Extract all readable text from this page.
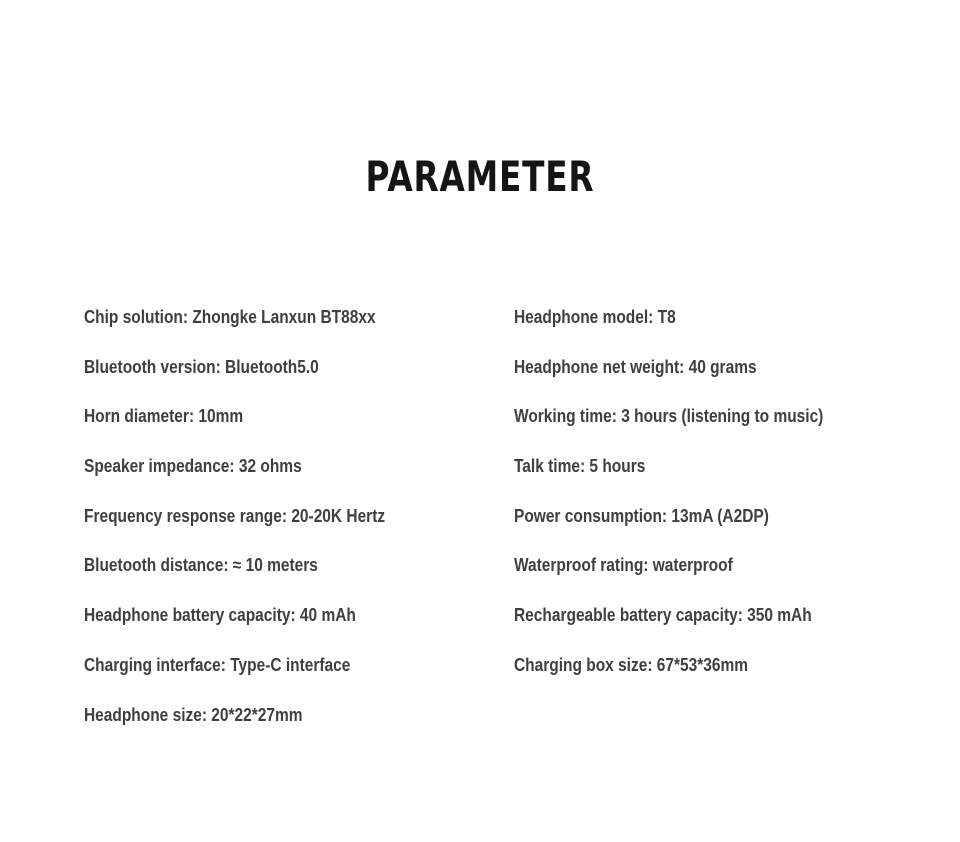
PARAMETER
Chip solution: Zhongke Lanxun BT88xx
Bluetooth version: Bluetooth5.0
Horn diameter: 10mm
Speaker impedance: 32 ohms
Frequency response range: 20-20K Hertz
Bluetooth distance: ≈ 10 meters
Headphone battery capacity: 40 mAh
Charging interface: Type-C interface
Headphone size: 20*22*27mm
Headphone model: T8
Headphone net weight: 40 grams
Working time: 3 hours (listening to music)
Talk time: 5 hours
Power consumption: 13mA (A2DP)
Waterproof rating: waterproof
Rechargeable battery capacity: 350 mAh
Charging box size: 67*53*36mm
